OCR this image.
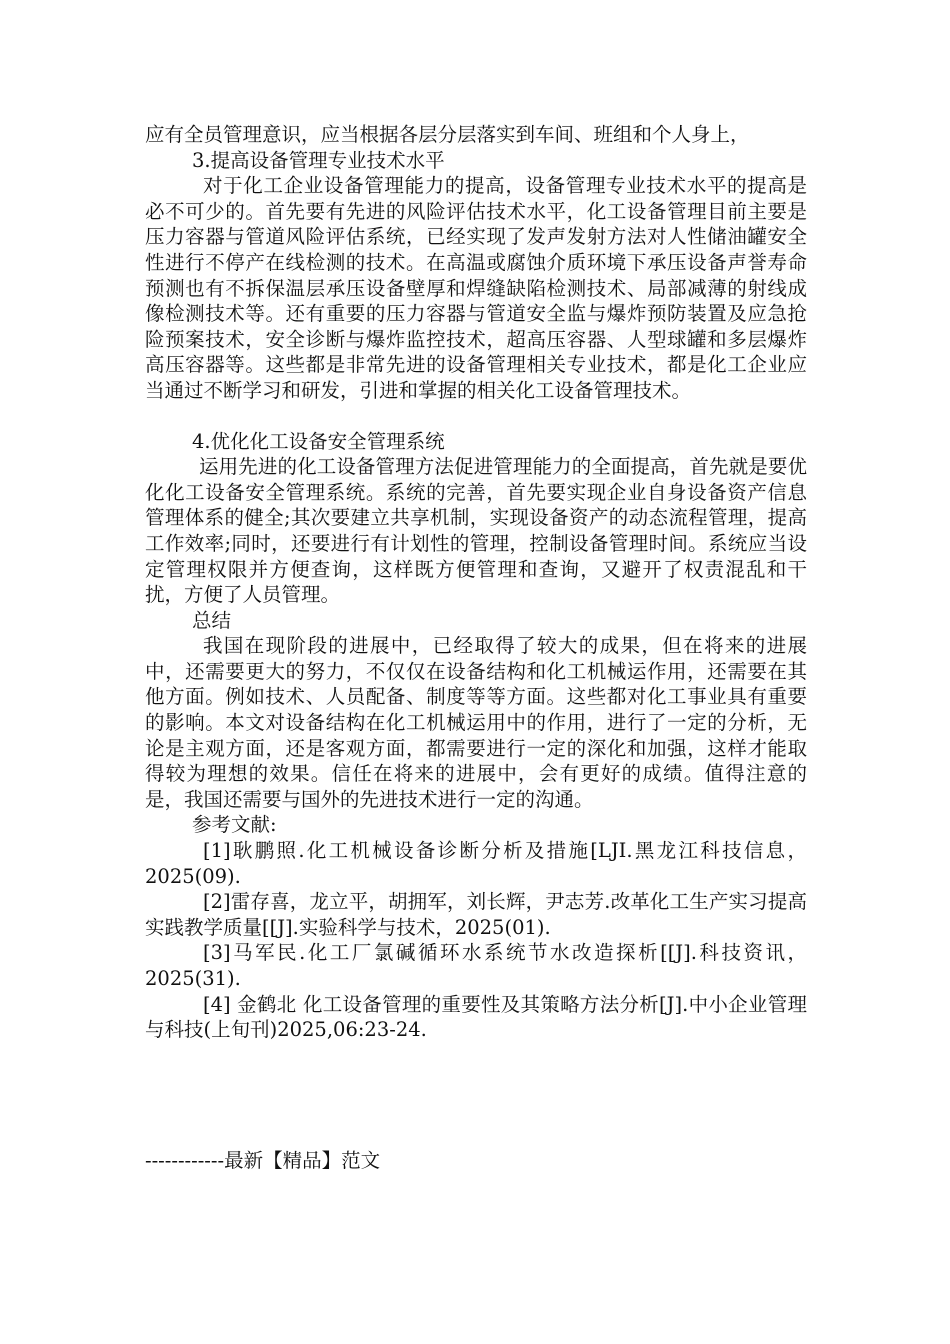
应有全员管理意识，应当根据各层分层落实到车间、班组和个人身上，

3.提高设备管理专业技术水平

对于化工企业设备管理能力的提高，设备管理专业技术水平的提高是必不可少的。首先要有先进的风险评估技术水平，化工设备管理目前主要是压力容器与管道风险评估系统，已经实现了发声发射方法对人性储油罐安全性进行不停产在线检测的技术。在高温或腐蚀介质环境下承压设备声誉寿命预测也有不拆保温层承压设备壁厚和焊缝缺陷检测技术、局部减薄的射线成像检测技术等。还有重要的压力容器与管道安全监与爆炸预防装置及应急抢险预案技术，安全诊断与爆炸监控技术，超高压容器、人型球罐和多层爆炸高压容器等。这些都是非常先进的设备管理相关专业技术，都是化工企业应当通过不断学习和研发，引进和掌握的相关化工设备管理技术。

4.优化化工设备安全管理系统

运用先进的化工设备管理方法促进管理能力的全面提高，首先就是要优化化工设备安全管理系统。系统的完善，首先要实现企业自身设备资产信息管理体系的健全;其次要建立共享机制，实现设备资产的动态流程管理，提高工作效率;同时，还要进行有计划性的管理，控制设备管理时间。系统应当设定管理权限并方便查询，这样既方便管理和查询，又避开了权责混乱和干扰，方便了人员管理。

总结

我国在现阶段的进展中，已经取得了较大的成果，但在将来的进展中，还需要更大的努力，不仅仅在设备结构和化工机械运作用，还需要在其他方面。例如技术、人员配备、制度等等方面。这些都对化工事业具有重要的影响。本文对设备结构在化工机械运用中的作用，进行了一定的分析，无论是主观方面，还是客观方面，都需要进行一定的深化和加强，这样才能取得较为理想的效果。信任在将来的进展中，会有更好的成绩。值得注意的是，我国还需要与国外的先进技术进行一定的沟通。

参考文献:

[1]耿鹏照.化工机械设备诊断分析及措施[LJI.黑龙江科技信息，2025(09).

[2]雷存喜，龙立平，胡拥军，刘长辉，尹志芳.改革化工生产实习提高实践教学质量[[J].实验科学与技术，2025(01).

[3]马军民.化工厂氯碱循环水系统节水改造探析[[J].科技资讯，2025(31).

[4] 金鹤北 化工设备管理的重要性及其策略方法分析[J].中小企业管理与科技(上旬刊)2025,06:23-24.

------------最新【精品】范文
